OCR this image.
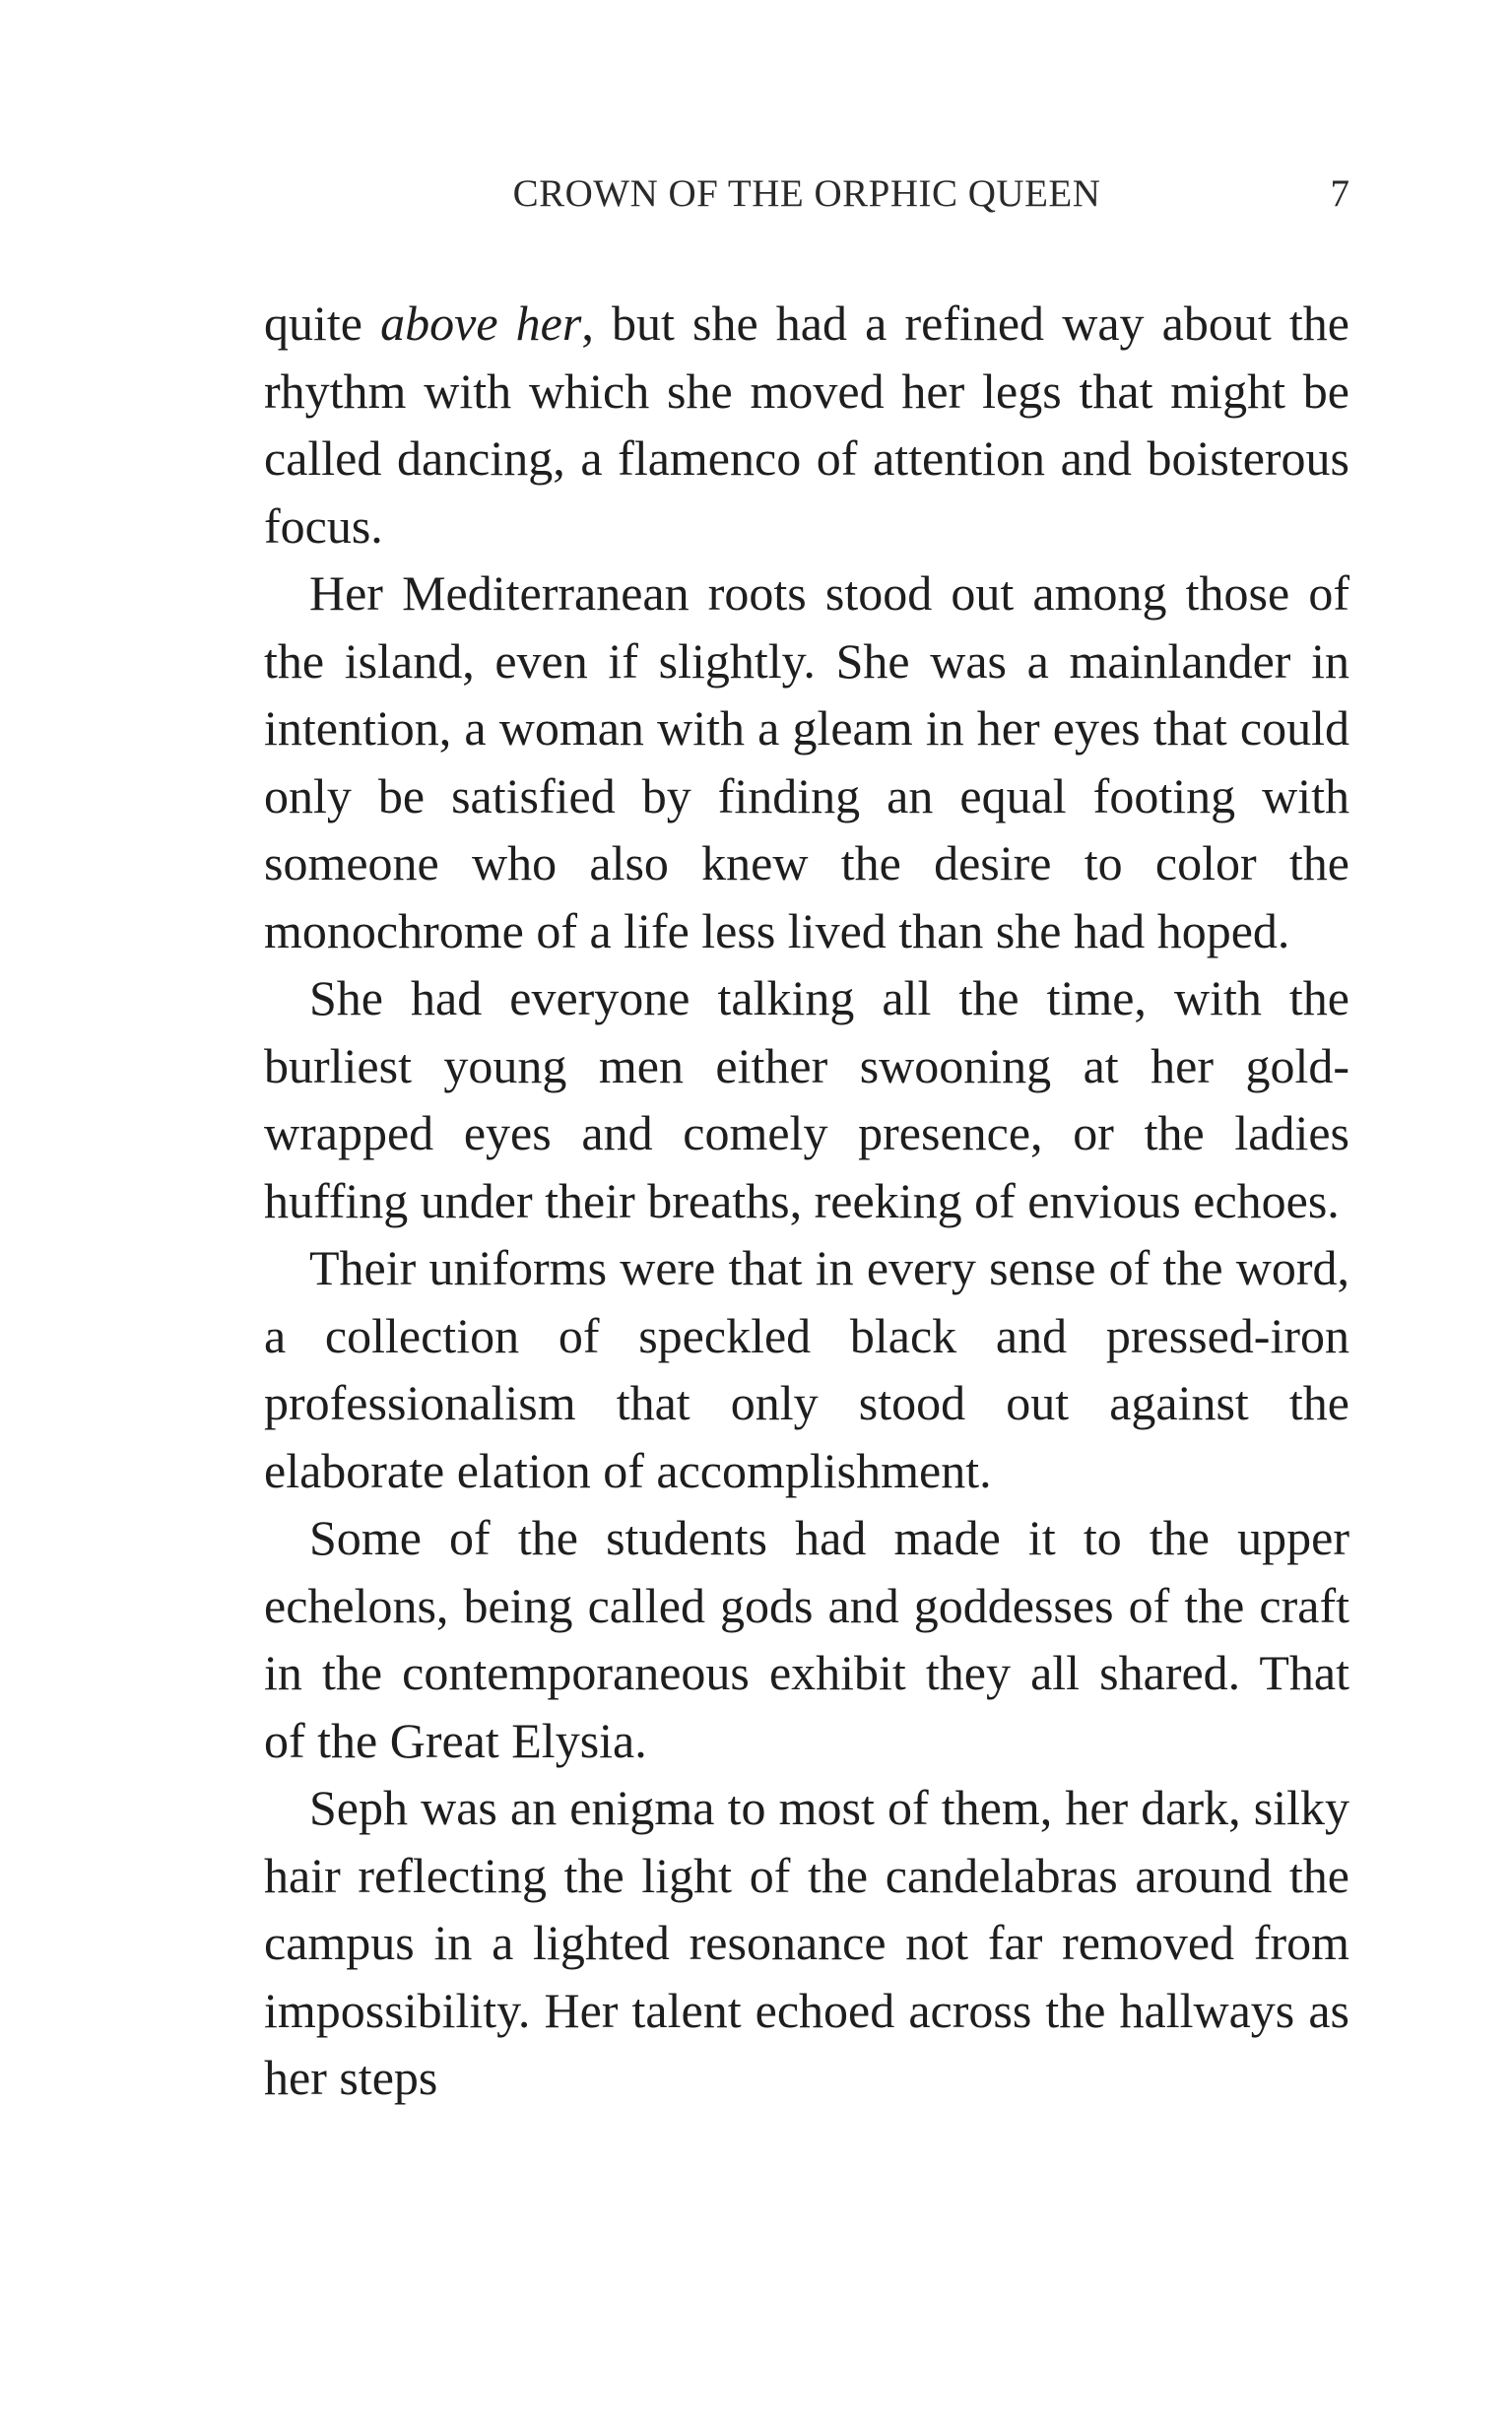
CROWN OF THE ORPHIC QUEEN	7

quite above her, but she had a refined way about the rhythm with which she moved her legs that might be called dancing, a flamenco of attention and boisterous focus.

Her Mediterranean roots stood out among those of the island, even if slightly. She was a mainlander in intention, a woman with a gleam in her eyes that could only be satisfied by finding an equal footing with someone who also knew the desire to color the monochrome of a life less lived than she had hoped.

She had everyone talking all the time, with the burliest young men either swooning at her gold-wrapped eyes and comely presence, or the ladies huffing under their breaths, reeking of envious echoes.

Their uniforms were that in every sense of the word, a collection of speckled black and pressed-iron professionalism that only stood out against the elaborate elation of accomplishment.

Some of the students had made it to the upper echelons, being called gods and goddesses of the craft in the contemporaneous exhibit they all shared. That of the Great Elysia.

Seph was an enigma to most of them, her dark, silky hair reflecting the light of the candelabras around the campus in a lighted resonance not far removed from impossibility. Her talent echoed across the hallways as her steps
